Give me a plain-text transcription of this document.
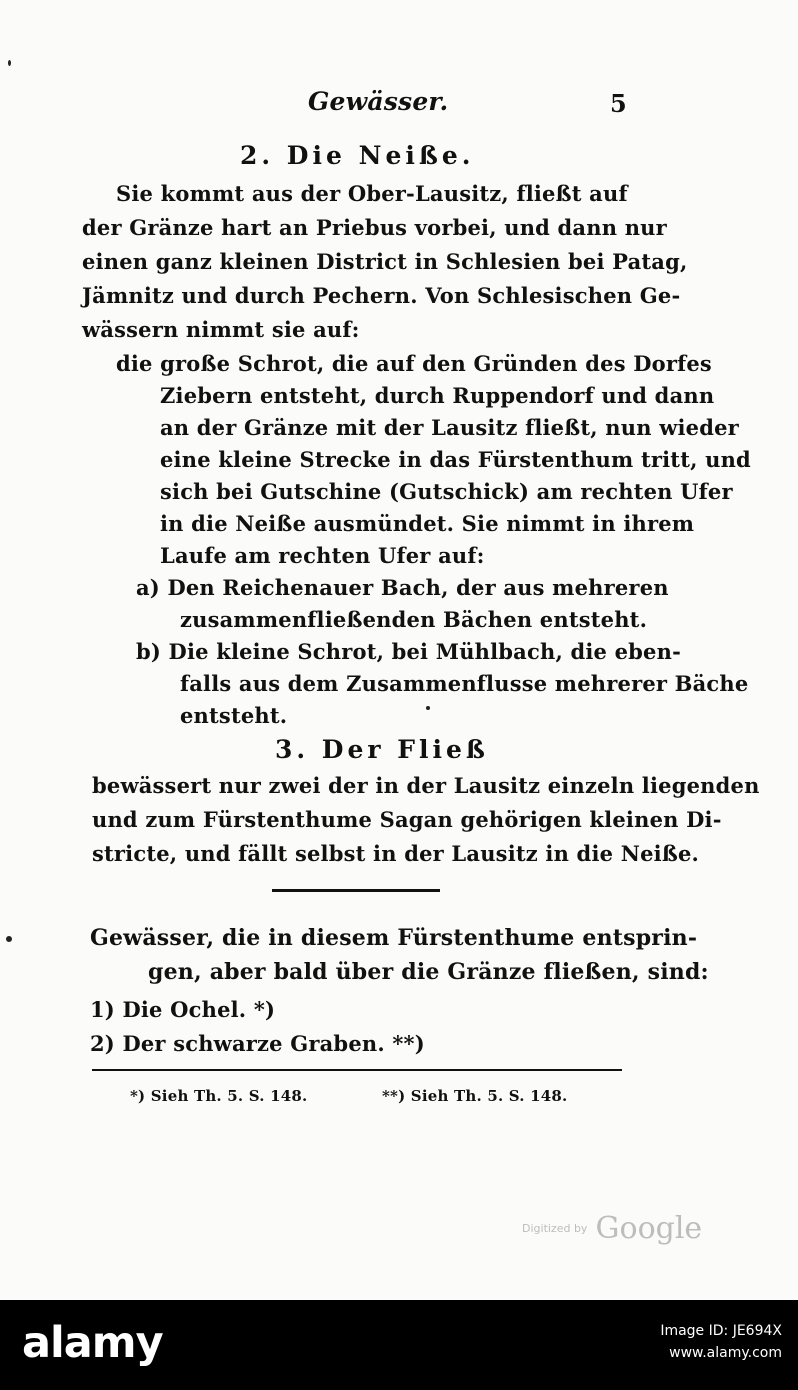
Gewässer.	5
2. Die Neiße.
Sie kommt aus der Ober-Lausitz, fließt auf
der Gränze hart an Priebus vorbei, und dann nur
einen ganz kleinen District in Schlesien bei Patag,
Jämnitz und durch Pechern. Von Schlesischen Ge-
wässern nimmt sie auf:
die große Schrot, die auf den Gründen des Dorfes
Ziebern entsteht, durch Ruppendorf und dann
an der Gränze mit der Lausitz fließt, nun wieder
eine kleine Strecke in das Fürstenthum tritt, und
sich bei Gutschine (Gutschick) am rechten Ufer
in die Neiße ausmündet. Sie nimmt in ihrem
Laufe am rechten Ufer auf:
a) Den Reichenauer Bach, der aus mehreren
zusammenfließenden Bächen entsteht.
b) Die kleine Schrot, bei Mühlbach, die eben-
falls aus dem Zusammenflusse mehrerer Bäche
entsteht.
3. Der Fließ
bewässert nur zwei der in der Lausitz einzeln liegenden
und zum Fürstenthume Sagan gehörigen kleinen Di-
stricte, und fällt selbst in der Lausitz in die Neiße.
Gewässer, die in diesem Fürstenthume entsprin-
gen, aber bald über die Gränze fließen, sind:
1) Die Ochel. *)
2) Der schwarze Graben. **)
*) Sieh Th. 5. S. 148.	**) Sieh Th. 5. S. 148.
Digitized by Google
alamy	Image ID: JE694X
www.alamy.com
